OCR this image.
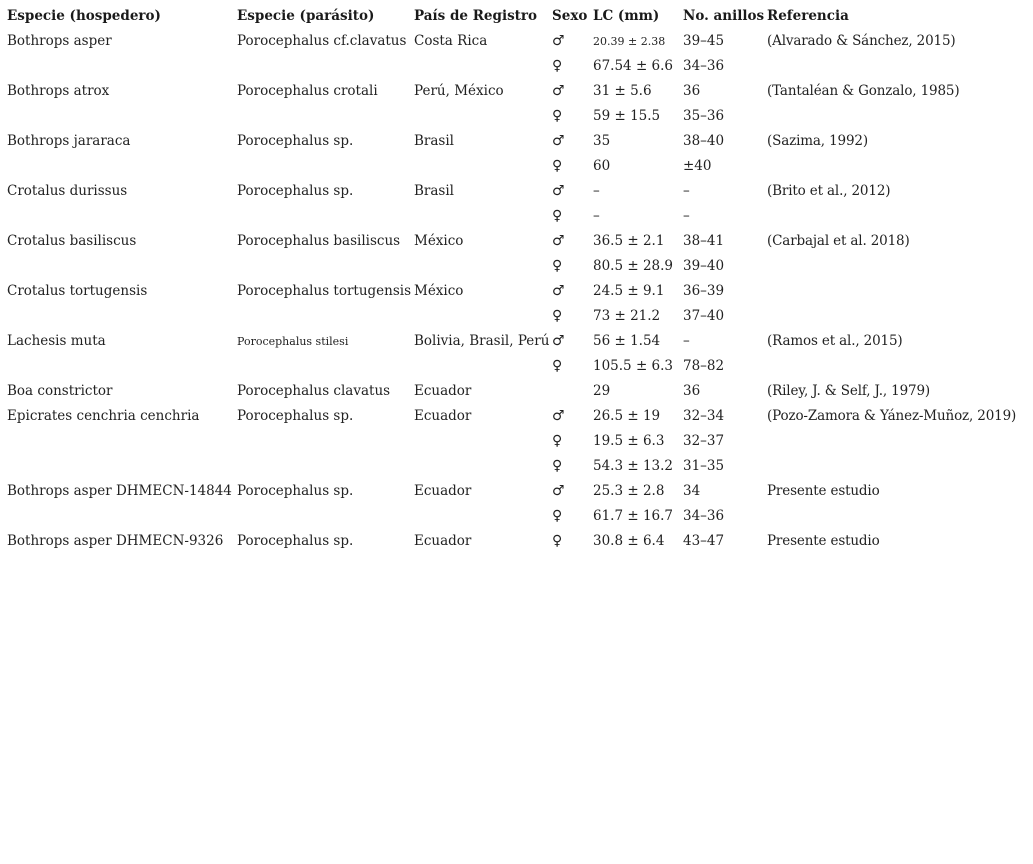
Especie (hospedero)	Especie (parásito)	País de Registro	Sexo	LC (mm)	No. anillos	Referencia
Bothrops asper	Porocephalus cf.clavatus	Costa Rica	♂	20.39 ± 2.38	39–45	(Alvarado & Sánchez, 2015)
			♀	67.54 ± 6.6	34–36	
Bothrops atrox	Porocephalus crotali	Perú, México	♂	31 ± 5.6	36	(Tantaléan & Gonzalo, 1985)
			♀	59 ± 15.5	35–36	
Bothrops jararaca	Porocephalus sp.	Brasil	♂	35	38–40	(Sazima, 1992)
			♀	60	±40	
Crotalus durissus	Porocephalus sp.	Brasil	♂	–	–	(Brito et al., 2012)
			♀	–	–	
Crotalus basiliscus	Porocephalus basiliscus	México	♂	36.5 ± 2.1	38–41	(Carbajal et al. 2018)
			♀	80.5 ± 28.9	39–40	
Crotalus tortugensis	Porocephalus tortugensis	México	♂	24.5 ± 9.1	36–39	
			♀	73 ± 21.2	37–40	
Lachesis muta	Porocephalus stilesi	Bolivia, Brasil, Perú	♂	56 ± 1.54	–	(Ramos et al., 2015)
			♀	105.5 ± 6.3	78–82	
Boa constrictor	Porocephalus clavatus	Ecuador		29	36	(Riley, J. & Self, J., 1979)
Epicrates cenchria cenchria	Porocephalus sp.	Ecuador	♂	26.5 ± 19	32–34	(Pozo-Zamora & Yánez-Muñoz, 2019)
			♀	19.5 ± 6.3	32–37	
			♀	54.3 ± 13.2	31–35	
Bothrops asper DHMECN-14844	Porocephalus sp.	Ecuador	♂	25.3 ± 2.8	34	Presente estudio
			♀	61.7 ± 16.7	34–36	
Bothrops asper DHMECN-9326	Porocephalus sp.	Ecuador	♀	30.8 ± 6.4	43–47	Presente estudio
